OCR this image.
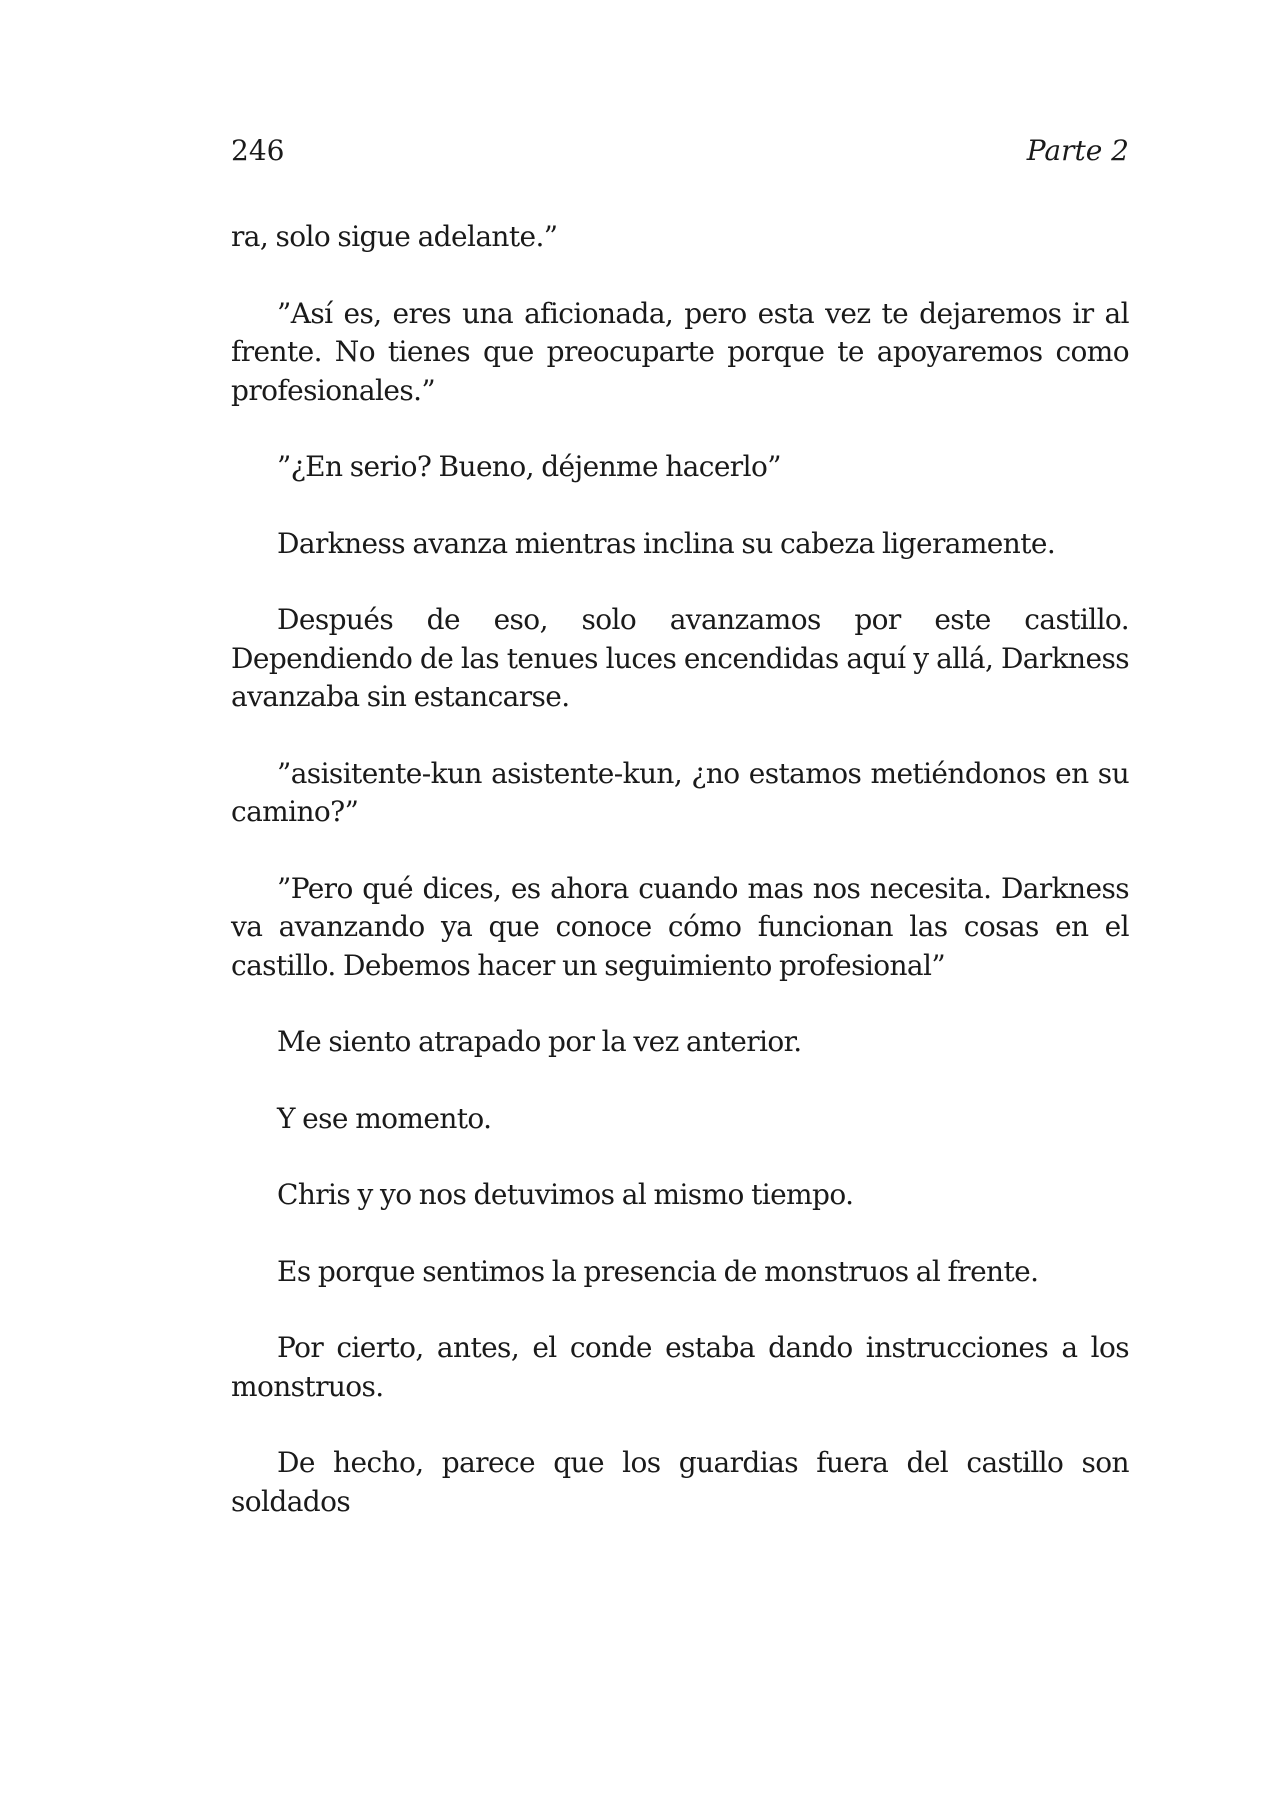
246	Parte 2

ra, solo sigue adelante.”

”Así es, eres una aficionada, pero esta vez te dejaremos ir al frente. No tienes que preocuparte porque te apoyaremos como profesionales.”

”¿En serio? Bueno, déjenme hacerlo”

Darkness avanza mientras inclina su cabeza ligeramente.

Después de eso, solo avanzamos por este castillo. Dependiendo de las tenues luces encendidas aquí y allá, Darkness avanzaba sin estancarse.

”asisitente-kun asistente-kun, ¿no estamos metiéndonos en su camino?”

”Pero qué dices, es ahora cuando mas nos necesita. Darkness va avanzando ya que conoce cómo funcionan las cosas en el castillo. Debemos hacer un seguimiento profesional”

Me siento atrapado por la vez anterior.

Y ese momento.

Chris y yo nos detuvimos al mismo tiempo.

Es porque sentimos la presencia de monstruos al frente.

Por cierto, antes, el conde estaba dando instrucciones a los monstruos.

De hecho, parece que los guardias fuera del castillo son soldados
